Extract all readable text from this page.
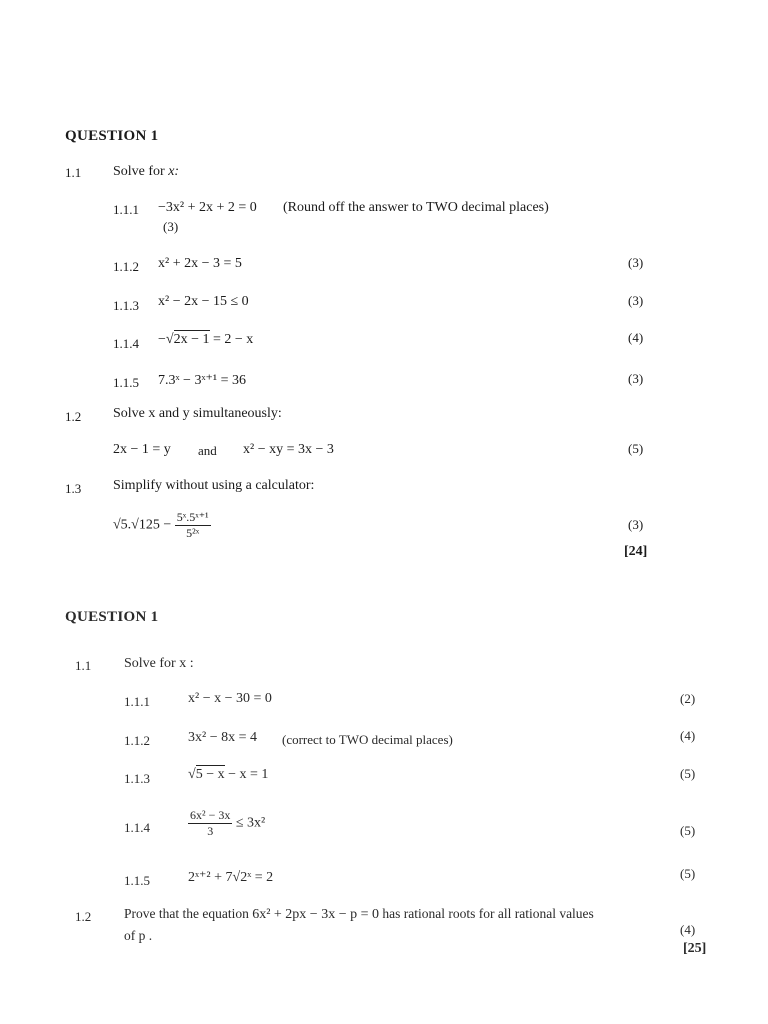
QUESTION 1
1.1 Solve for x:
1.1.1 −3x² + 2x + 2 = 0 (Round off the answer to TWO decimal places)
(3)
1.1.2 x² + 2x − 3 = 5	(3)
1.1.3 x² − 2x − 15 ≤ 0	(3)
1.1.4 −√2x − 1 = 2 − x	(4)
1.1.5 7.3ˣ − 3ˣ⁺¹ = 36	(3)
1.2 Solve x and y simultaneously:
2x − 1 = y and x² − xy = 3x − 3	(5)
1.3 Simplify without using a calculator:
$√5.√125 - \frac{\text{5ˣ.5ˣ⁺¹}}{\text{5²ˣ}}$	(3)
[24]
QUESTION 1
1.1 Solve for x :
1.1.1	x² − x − 30 = 0	(2)
1.1.2	3x² − 8x = 4 (correct to TWO decimal places)	(4)
1.1.3	√5 − x − x = 1	(5)
1.1.4	$\frac{\text{6x² − 3x}}{3} \le 3x^2$	(5)
1.1.5	2ˣ⁺² + 7√2ˣ = 2	(5)
1.2 Prove that the equation 6x² + 2px − 3x − p = 0 has rational roots for all rational values
of p .	(4)
[25]
